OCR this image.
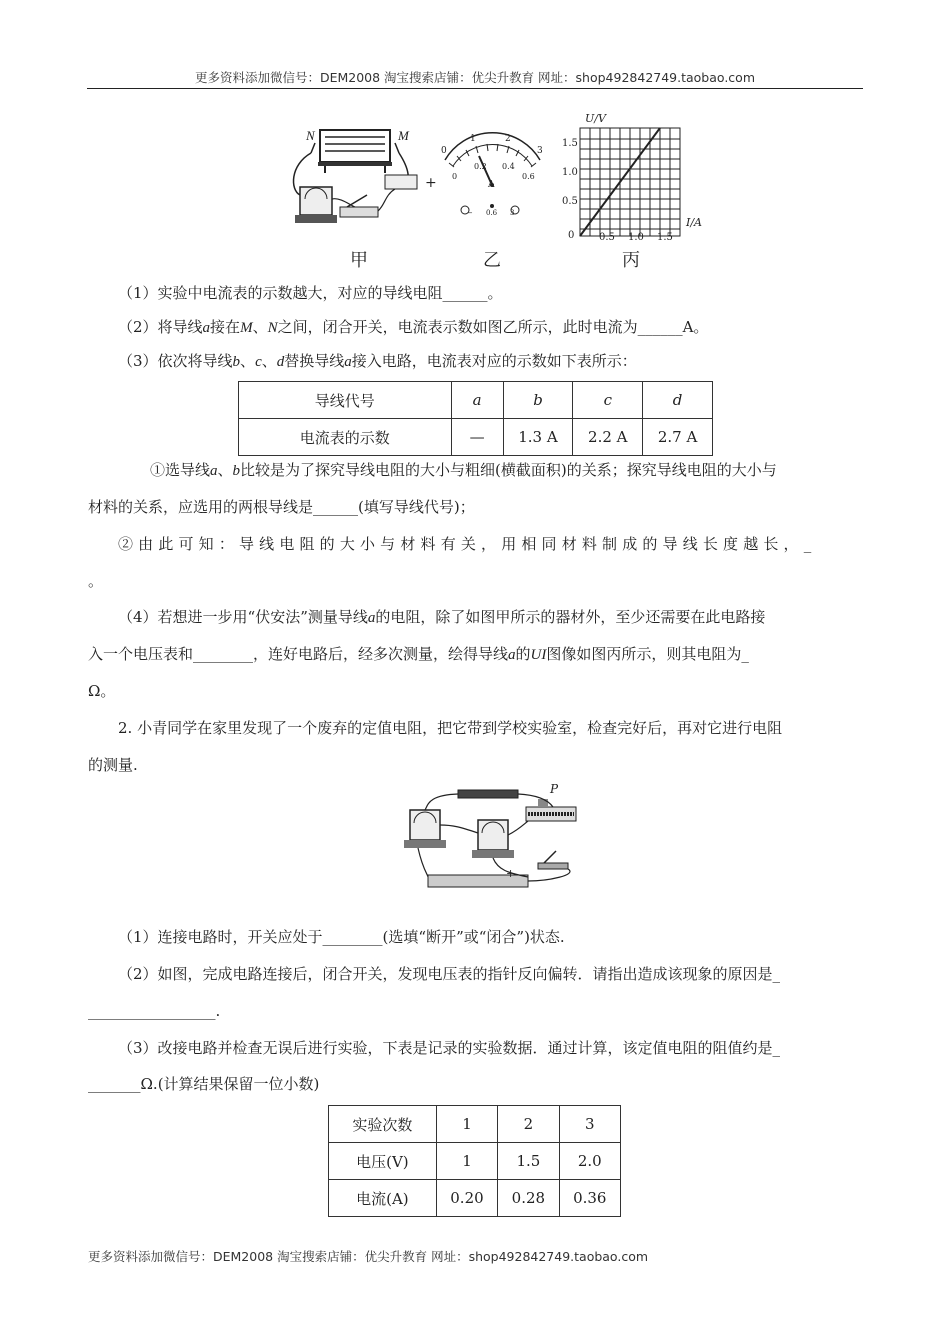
更多资料添加微信号：DEM2008 淘宝搜索店铺：优尖升教育 网址：shop492842749.taobao.com
+
N	M
0
1	2
3
0
0.2 0.4
0.6
A
− 0.6 3
U/V
I/A
0.5
1.0
1.5
0.5 1.0 1.5
0
甲	乙	丙
（1）实验中电流表的示数越大，对应的导线电阻______。
（2）将导线a接在M、N之间，闭合开关，电流表示数如图乙所示，此时电流为______A。
（3）依次将导线b、c、d替换导线a接入电路，电流表对应的示数如下表所示：
导线代号	a	b	c	d
电流表的示数	—	1.3 A	2.2 A	2.7 A
①选导线a、b比较是为了探究导线电阻的大小与粗细(横截面积)的关系；探究导线电阻的大小与
材料的关系，应选用的两根导线是______(填写导线代号)；
② 由 此 可 知 ： 导 线 电 阻 的 大 小 与 材 料 有 关 ， 用 相 同 材 料 制 成 的 导 线 长 度 越 长 ， _
。
（4）若想进一步用“伏安法”测量导线a的电阻，除了如图甲所示的器材外，至少还需要在此电路接
入一个电压表和________，连好电路后，经多次测量，绘得导线a的UI图像如图丙所示，则其电阻为_
Ω。
2. 小青同学在家里发现了一个废弃的定值电阻，把它带到学校实验室，检查完好后，再对它进行电阻
的测量.
+
P
（1）连接电路时，开关应处于________(选填“断开”或“闭合”)状态.
（2）如图，完成电路连接后，闭合开关，发现电压表的指针反向偏转．请指出造成该现象的原因是_
_________________.
（3）改接电路并检查无误后进行实验，下表是记录的实验数据．通过计算，该定值电阻的阻值约是_
_______Ω.(计算结果保留一位小数)
实验次数	1	2	3
电压(V)	1	1.5	2.0
电流(A)	0.20	0.28	0.36
更多资料添加微信号：DEM2008 淘宝搜索店铺：优尖升教育 网址：shop492842749.taobao.com
